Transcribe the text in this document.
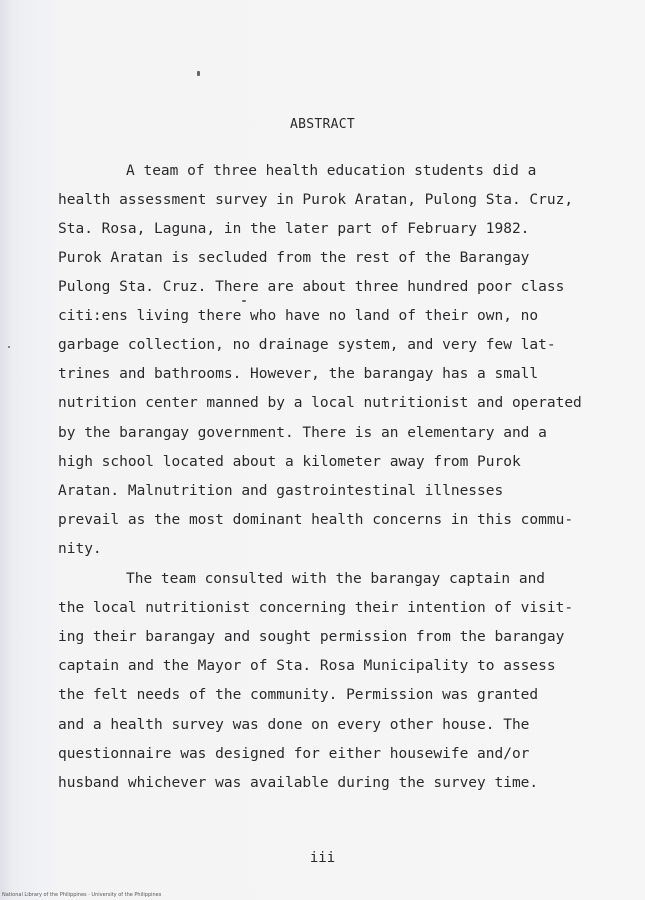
ABSTRACT

A team of three health education students did a

health assessment survey in Purok Aratan, Pulong Sta. Cruz,

Sta. Rosa, Laguna, in the later part of February 1982.

Purok Aratan is secluded from the rest of the Barangay

Pulong Sta. Cruz. There are about three hundred poor class

citi:ens living there who have no land of their own, no

garbage collection, no drainage system, and very few lat-

trines and bathrooms. However, the barangay has a small

nutrition center manned by a local nutritionist and operated

by the barangay government. There is an elementary and a

high school located about a kilometer away from Purok

Aratan. Malnutrition and gastrointestinal illnesses

prevail as the most dominant health concerns in this commu-

nity.

The team consulted with the barangay captain and

the local nutritionist concerning their intention of visit-

ing their barangay and sought permission from the barangay

captain and the Mayor of Sta. Rosa Municipality to assess

the felt needs of the community. Permission was granted

and a health survey was done on every other house. The

questionnaire was designed for either housewife and/or

husband whichever was available during the survey time.

iii
National Library of the Philippines · University of the Philippines
